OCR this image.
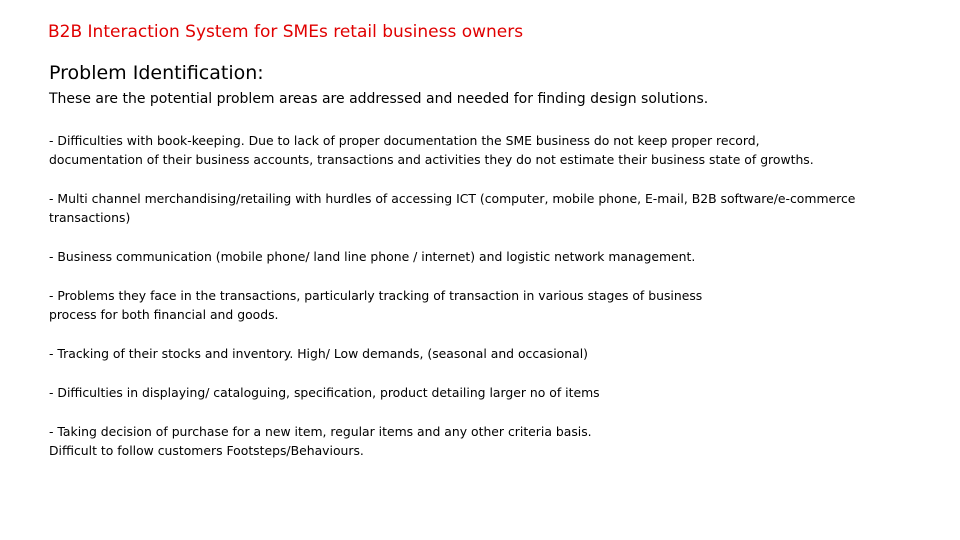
B2B Interaction System for SMEs retail business owners
Problem Identification:
These are the potential problem areas are addressed and needed for finding design solutions.
- Difficulties with book-keeping. Due to lack of proper documentation the SME business do not keep proper record,
documentation of their business accounts, transactions and activities they do not estimate their business state of growths.
- Multi channel merchandising/retailing with hurdles of accessing ICT (computer, mobile phone, E-mail, B2B software/e-commerce
transactions)
- Business communication (mobile phone/ land line phone / internet) and logistic network management.
- Problems they face in the transactions, particularly tracking of transaction in various stages of business
process for both financial and goods.
- Tracking of their stocks and inventory. High/ Low demands, (seasonal and occasional)
- Difficulties in displaying/ cataloguing, specification, product detailing larger no of items
- Taking decision of purchase for a new item, regular items and any other criteria basis.
Difficult to follow customers Footsteps/Behaviours.
